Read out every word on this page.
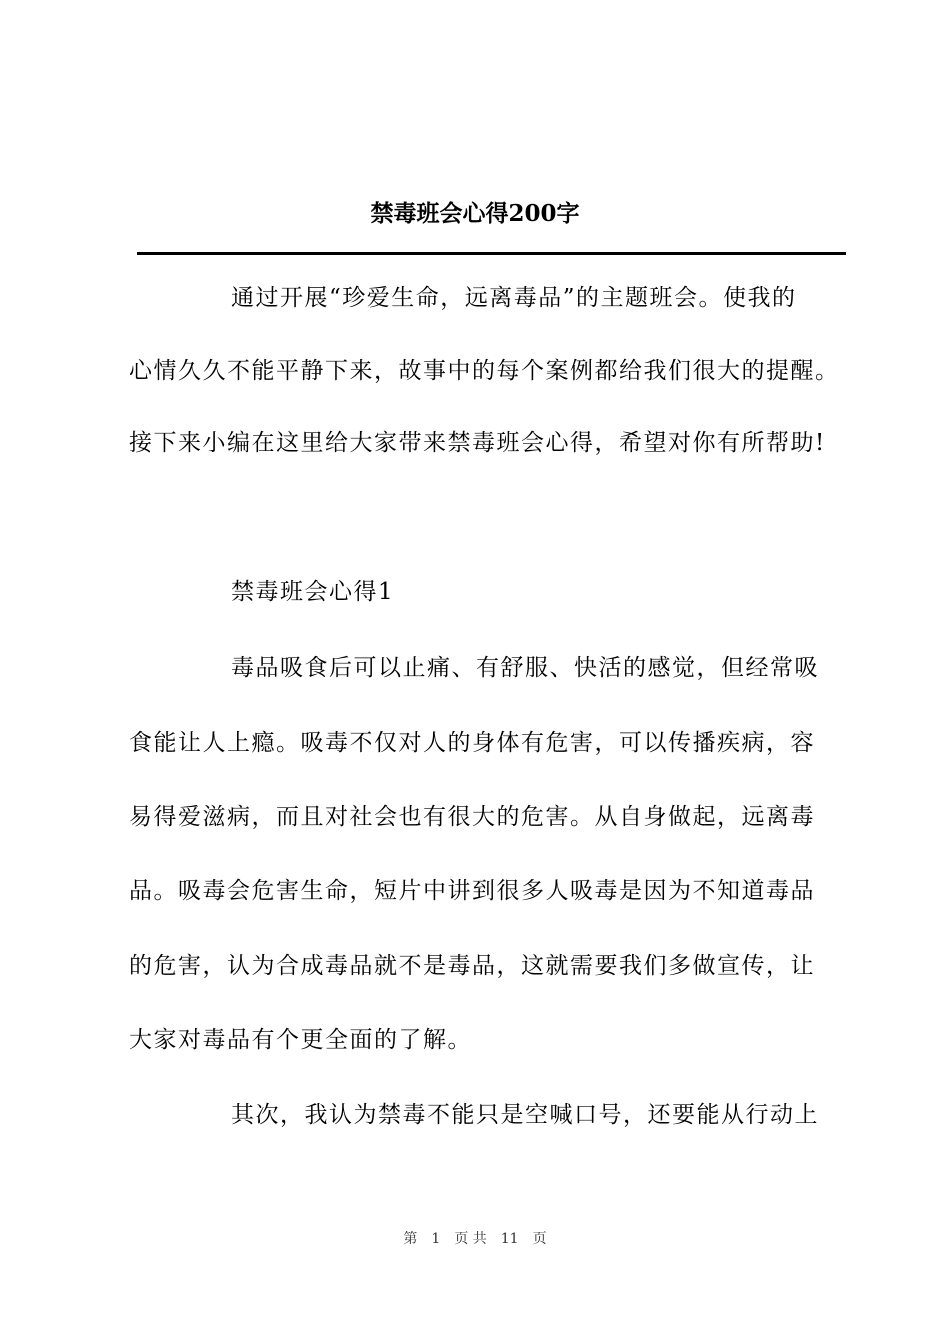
禁毒班会心得200字
通过开展“珍爱生命，远离毒品”的主题班会。使我的
心情久久不能平静下来，故事中的每个案例都给我们很大的提醒。
接下来小编在这里给大家带来禁毒班会心得，希望对你有所帮助!
禁毒班会心得1
毒品吸食后可以止痛、有舒服、快活的感觉，但经常吸
食能让人上瘾。吸毒不仅对人的身体有危害，可以传播疾病，容
易得爱滋病，而且对社会也有很大的危害。从自身做起，远离毒
品。吸毒会危害生命，短片中讲到很多人吸毒是因为不知道毒品
的危害，认为合成毒品就不是毒品，这就需要我们多做宣传，让
大家对毒品有个更全面的了解。
其次，我认为禁毒不能只是空喊口号，还要能从行动上
第 1 页 共 11 页
